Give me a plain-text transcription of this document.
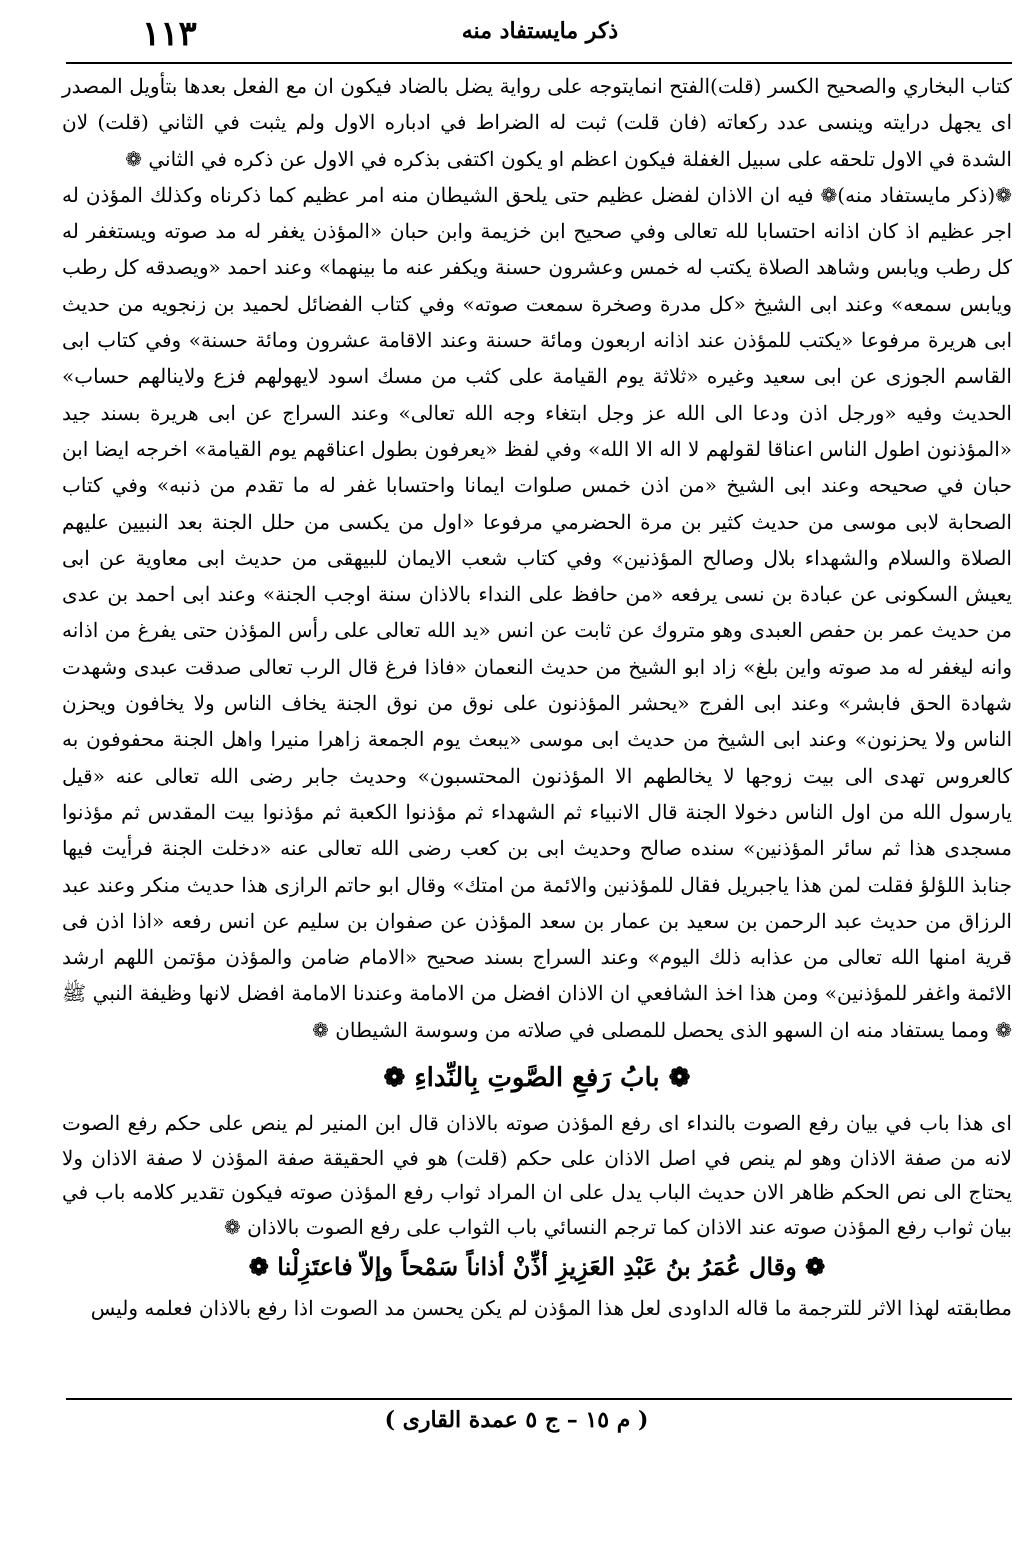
ذكر مايستفاد منه
١١٣

كتاب البخاري والصحيح الكسر (قلت)الفتح انمايتوجه على رواية يضل بالضاد فيكون ان مع الفعل بعدها بتأويل المصدر اى يجهل درايته وينسى عدد ركعاته (فان قلت) ثبت له الضراط في ادباره الاول ولم يثبت في الثاني (قلت) لان الشدة في الاول تلحقه على سبيل الغفلة فيكون اعظم او يكون اكتفى بذكره في الاول عن ذكره في الثاني ❁

❁(ذكر مايستفاد منه)❁ فيه ان الاذان لفضل عظيم حتى يلحق الشيطان منه امر عظيم كما ذكرناه وكذلك المؤذن له اجر عظيم اذ كان اذانه احتسابا لله تعالى وفي صحيح ابن خزيمة وابن حبان «المؤذن يغفر له مد صوته ويستغفر له كل رطب ويابس وشاهد الصلاة يكتب له خمس وعشرون حسنة ويكفر عنه ما بينهما» وعند احمد «ويصدقه كل رطب ويابس سمعه» وعند ابى الشيخ «كل مدرة وصخرة سمعت صوته» وفي كتاب الفضائل لحميد بن زنجويه من حديث ابى هريرة مرفوعا «يكتب للمؤذن عند اذانه اربعون ومائة حسنة وعند الاقامة عشرون ومائة حسنة» وفي كتاب ابى القاسم الجوزى عن ابى سعيد وغيره «ثلاثة يوم القيامة على كثب من مسك اسود لايهولهم فزع ولاينالهم حساب» الحديث وفيه «ورجل اذن ودعا الى الله عز وجل ابتغاء وجه الله تعالى» وعند السراج عن ابى هريرة بسند جيد «المؤذنون اطول الناس اعناقا لقولهم لا اله الا الله» وفي لفظ «يعرفون بطول اعناقهم يوم القيامة» اخرجه ايضا ابن حبان في صحيحه وعند ابى الشيخ «من اذن خمس صلوات ايمانا واحتسابا غفر له ما تقدم من ذنبه» وفي كتاب الصحابة لابى موسى من حديث كثير بن مرة الحضرمي مرفوعا «اول من يكسى من حلل الجنة بعد النبيين عليهم الصلاة والسلام والشهداء بلال وصالح المؤذنين» وفي كتاب شعب الايمان للبيهقى من حديث ابى معاوية عن ابى يعيش السكونى عن عبادة بن نسى يرفعه «من حافظ على النداء بالاذان سنة اوجب الجنة» وعند ابى احمد بن عدى من حديث عمر بن حفص العبدى وهو متروك عن ثابت عن انس «يد الله تعالى على رأس المؤذن حتى يفرغ من اذانه وانه ليغفر له مد صوته واين بلغ» زاد ابو الشيخ من حديث النعمان «فاذا فرغ قال الرب تعالى صدقت عبدى وشهدت شهادة الحق فابشر» وعند ابى الفرج «يحشر المؤذنون على نوق من نوق الجنة يخاف الناس ولا يخافون ويحزن الناس ولا يحزنون» وعند ابى الشيخ من حديث ابى موسى «يبعث يوم الجمعة زاهرا منيرا واهل الجنة محفوفون به كالعروس تهدى الى بيت زوجها لا يخالطهم الا المؤذنون المحتسبون» وحديث جابر رضى الله تعالى عنه «قيل يارسول الله من اول الناس دخولا الجنة قال الانبياء ثم الشهداء ثم مؤذنوا الكعبة ثم مؤذنوا بيت المقدس ثم مؤذنوا مسجدى هذا ثم سائر المؤذنين» سنده صالح وحديث ابى بن كعب رضى الله تعالى عنه «دخلت الجنة فرأيت فيها جنابذ اللؤلؤ فقلت لمن هذا ياجبريل فقال للمؤذنين والائمة من امتك» وقال ابو حاتم الرازى هذا حديث منكر وعند عبد الرزاق من حديث عبد الرحمن بن سعيد بن عمار بن سعد المؤذن عن صفوان بن سليم عن انس رفعه «اذا اذن فى قرية امنها الله تعالى من عذابه ذلك اليوم» وعند السراج بسند صحيح «الامام ضامن والمؤذن مؤتمن اللهم ارشد الائمة واغفر للمؤذنين» ومن هذا اخذ الشافعي ان الاذان افضل من الامامة وعندنا الامامة افضل لانها وظيفة النبي ﷺ ❁ ومما يستفاد منه ان السهو الذى يحصل للمصلى في صلاته من وسوسة الشيطان ❁

❁ بابُ رَفعِ الصَّوتِ بِالنِّداءِ ❁

اى هذا باب في بيان رفع الصوت بالنداء اى رفع المؤذن صوته بالاذان قال ابن المنير لم ينص على حكم رفع الصوت لانه من صفة الاذان وهو لم ينص في اصل الاذان على حكم (قلت) هو في الحقيقة صفة المؤذن لا صفة الاذان ولا يحتاج الى نص الحكم ظاهر الان حديث الباب يدل على ان المراد ثواب رفع المؤذن صوته فيكون تقدير كلامه باب في بيان ثواب رفع المؤذن صوته عند الاذان كما ترجم النسائي باب الثواب على رفع الصوت بالاذان ❁

❁ وقال عُمَرُ بنُ عَبْدِ العَزِيزِ أذِّنْ أذاناً سَمْحاً وإلاّ فاعتَزِلْنا ❁

مطابقته لهذا الاثر للترجمة ما قاله الداودى لعل هذا المؤذن لم يكن يحسن مد الصوت اذا رفع بالاذان فعلمه وليس

( م ١٥ – ج ٥ عمدة القارى )
